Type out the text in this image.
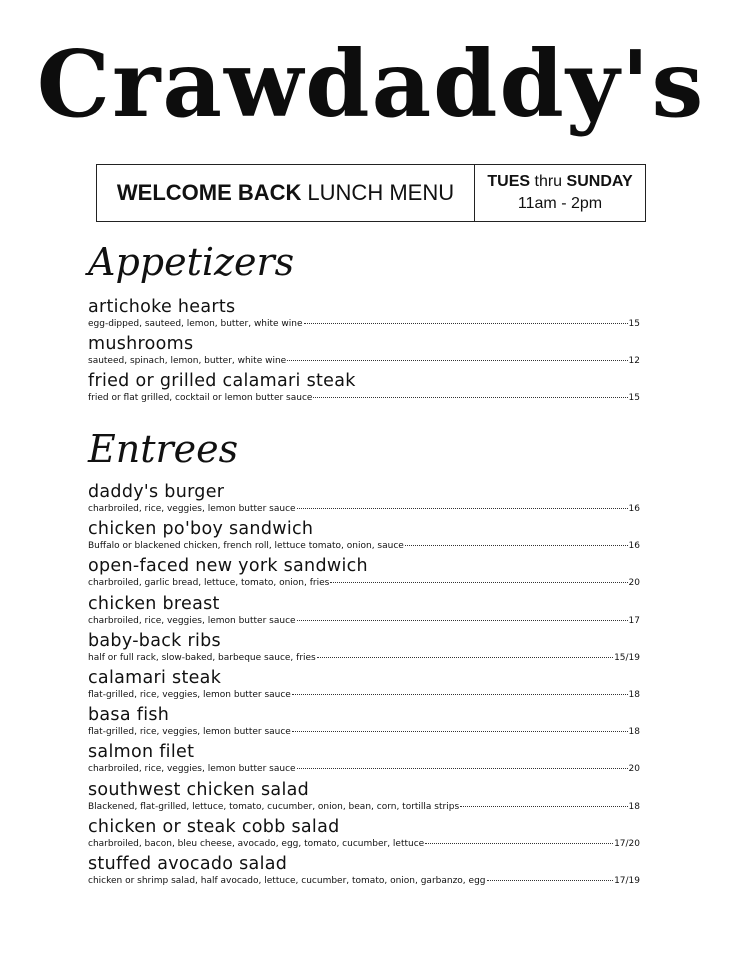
Crawdaddy's
WELCOME BACK LUNCH MENU TUES thru SUNDAY
11am - 2pm
Appetizers
artichoke hearts
egg-dipped, sauteed, lemon, butter, white wine	15
mushrooms
sauteed, spinach, lemon, butter, white wine	12
fried or grilled calamari steak
fried or flat grilled, cocktail or lemon butter sauce	15
Entrees
daddy's burger
charbroiled, rice, veggies, lemon butter sauce	16
chicken po'boy sandwich
Buffalo or blackened chicken, french roll, lettuce tomato, onion, sauce	16
open-faced new york sandwich
charbroiled, garlic bread, lettuce, tomato, onion, fries	20
chicken breast
charbroiled, rice, veggies, lemon butter sauce	17
baby-back ribs
half or full rack, slow-baked, barbeque sauce, fries	15/19
calamari steak
flat-grilled, rice, veggies, lemon butter sauce	18
basa fish
flat-grilled, rice, veggies, lemon butter sauce	18
salmon filet
charbroiled, rice, veggies, lemon butter sauce	20
southwest chicken salad
Blackened, flat-grilled, lettuce, tomato, cucumber, onion, bean, corn, tortilla strips	18
chicken or steak cobb salad
charbroiled, bacon, bleu cheese, avocado, egg, tomato, cucumber, lettuce	17/20
stuffed avocado salad
chicken or shrimp salad, half avocado, lettuce, cucumber, tomato, onion, garbanzo, egg	17/19
